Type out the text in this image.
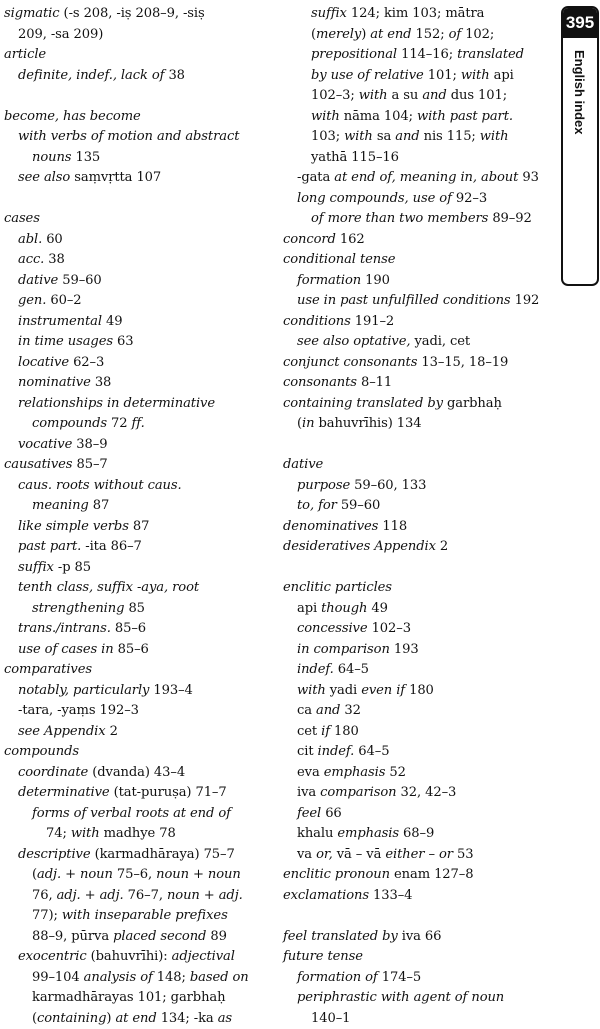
sigmatic (-s 208, -iṣ 208–9, -siṣ
209, -sa 209)
article
definite, indef., lack of 38
become, has become
with verbs of motion and abstract
nouns 135
see also saṃvṛtta 107
cases
abl. 60
acc. 38
dative 59–60
gen. 60–2
instrumental 49
in time usages 63
locative 62–3
nominative 38
relationships in determinative
compounds 72 ff.
vocative 38–9
causatives 85–7
caus. roots without caus.
meaning 87
like simple verbs 87
past part. -ita 86–7
suffix -p 85
tenth class, suffix -aya, root
strengthening 85
trans./intrans. 85–6
use of cases in 85–6
comparatives
notably, particularly 193–4
-tara, -yaṃs 192–3
see Appendix 2
compounds
coordinate (dvanda) 43–4
determinative (tat-puruṣa) 71–7
forms of verbal roots at end of
74; with madhye 78
descriptive (karmadhāraya) 75–7
(adj. + noun 75–6, noun + noun
76, adj. + adj. 76–7, noun + adj.
77); with inseparable prefixes
88–9, pūrva placed second 89
exocentric (bahuvrīhi): adjectival
99–104 analysis of 148; based on
karmadhārayas 101; garbhaḥ
(containing) at end 134; -ka as
suffix 124; kim 103; mātra
(merely) at end 152; of 102;
prepositional 114–16; translated
by use of relative 101; with api
102–3; with a su and dus 101;
with nāma 104; with past part.
103; with sa and nis 115; with
yathā 115–16
-gata at end of, meaning in, about 93
long compounds, use of 92–3
of more than two members 89–92
concord 162
conditional tense
formation 190
use in past unfulfilled conditions 192
conditions 191–2
see also optative, yadi, cet
conjunct consonants 13–15, 18–19
consonants 8–11
containing translated by garbhaḥ
(in bahuvrīhis) 134
dative
purpose 59–60, 133
to, for 59–60
denominatives 118
desideratives Appendix 2
enclitic particles
api though 49
concessive 102–3
in comparison 193
indef. 64–5
with yadi even if 180
ca and 32
cet if 180
cit indef. 64–5
eva emphasis 52
iva comparison 32, 42–3
feel 66
khalu emphasis 68–9
va or, vā – vā either – or 53
enclitic pronoun enam 127–8
exclamations 133–4
feel translated by iva 66
future tense
formation of 174–5
periphrastic with agent of noun
140–1
395
English index
